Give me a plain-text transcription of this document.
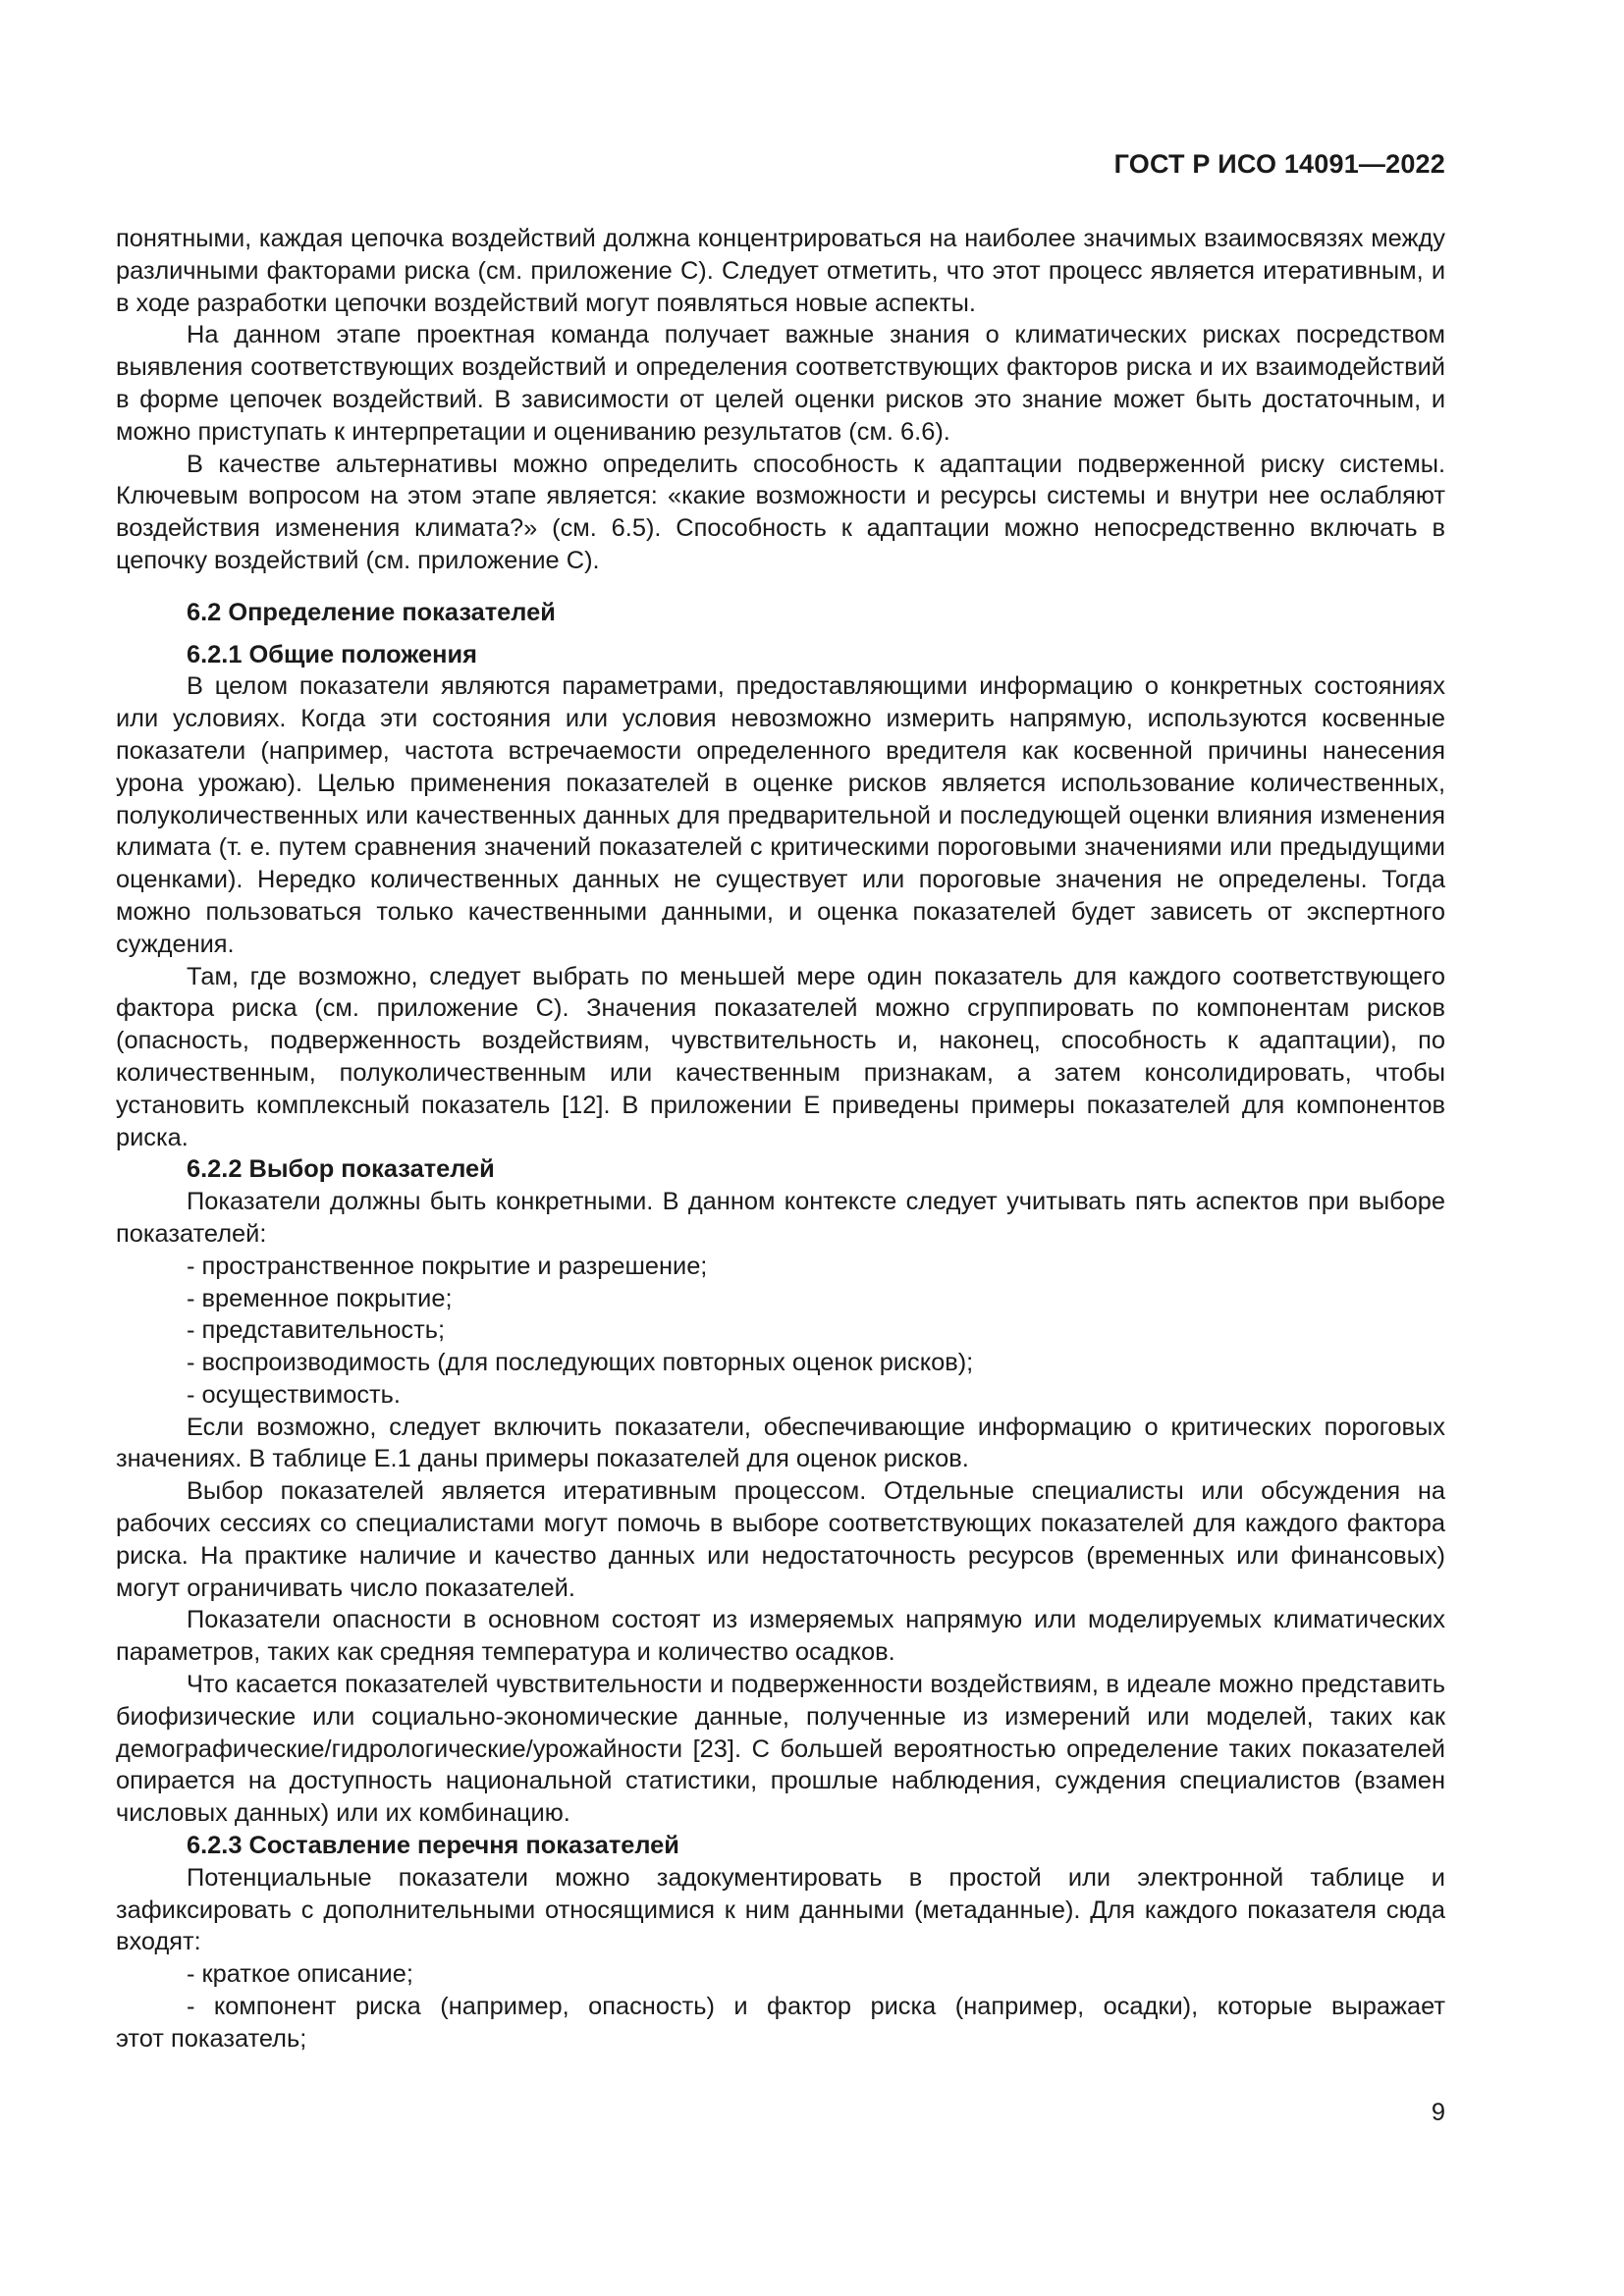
ГОСТ Р ИСО 14091—2022

понятными, каждая цепочка воздействий должна концентрироваться на наиболее значимых взаимосвязях между различными факторами риска (см. приложение С). Следует отметить, что этот процесс является итеративным, и в ходе разработки цепочки воздействий могут появляться новые аспекты.

На данном этапе проектная команда получает важные знания о климатических рисках посредством выявления соответствующих воздействий и определения соответствующих факторов риска и их взаимодействий в форме цепочек воздействий. В зависимости от целей оценки рисков это знание может быть достаточным, и можно приступать к интерпретации и оцениванию результатов (см. 6.6).

В качестве альтернативы можно определить способность к адаптации подверженной риску системы. Ключевым вопросом на этом этапе является: «какие возможности и ресурсы системы и внутри нее ослабляют воздействия изменения климата?» (см. 6.5). Способность к адаптации можно непосредственно включать в цепочку воздействий (см. приложение С).

6.2 Определение показателей
6.2.1 Общие положения

В целом показатели являются параметрами, предоставляющими информацию о конкретных состояниях или условиях. Когда эти состояния или условия невозможно измерить напрямую, используются косвенные показатели (например, частота встречаемости определенного вредителя как косвенной причины нанесения урона урожаю). Целью применения показателей в оценке рисков является использование количественных, полуколичественных или качественных данных для предварительной и последующей оценки влияния изменения климата (т. е. путем сравнения значений показателей с критическими пороговыми значениями или предыдущими оценками). Нередко количественных данных не существует или пороговые значения не определены. Тогда можно пользоваться только качественными данными, и оценка показателей будет зависеть от экспертного суждения.

Там, где возможно, следует выбрать по меньшей мере один показатель для каждого соответствующего фактора риска (см. приложение С). Значения показателей можно сгруппировать по компонентам рисков (опасность, подверженность воздействиям, чувствительность и, наконец, способность к адаптации), по количественным, полуколичественным или качественным признакам, а затем консолидировать, чтобы установить комплексный показатель [12]. В приложении Е приведены примеры показателей для компонентов риска.

6.2.2 Выбор показателей

Показатели должны быть конкретными. В данном контексте следует учитывать пять аспектов при выборе показателей:

- пространственное покрытие и разрешение;
- временное покрытие;
- представительность;
- воспроизводимость (для последующих повторных оценок рисков);
- осуществимость.

Если возможно, следует включить показатели, обеспечивающие информацию о критических пороговых значениях. В таблице Е.1 даны примеры показателей для оценок рисков.

Выбор показателей является итеративным процессом. Отдельные специалисты или обсуждения на рабочих сессиях со специалистами могут помочь в выборе соответствующих показателей для каждого фактора риска. На практике наличие и качество данных или недостаточность ресурсов (временных или финансовых) могут ограничивать число показателей.

Показатели опасности в основном состоят из измеряемых напрямую или моделируемых климатических параметров, таких как средняя температура и количество осадков.

Что касается показателей чувствительности и подверженности воздействиям, в идеале можно представить биофизические или социально-экономические данные, полученные из измерений или моделей, таких как демографические/гидрологические/урожайности [23]. С большей вероятностью определение таких показателей опирается на доступность национальной статистики, прошлые наблюдения, суждения специалистов (взамен числовых данных) или их комбинацию.

6.2.3 Составление перечня показателей

Потенциальные показатели можно задокументировать в простой или электронной таблице и зафиксировать с дополнительными относящимися к ним данными (метаданные). Для каждого показателя сюда входят:

- краткое описание;
- компонент риска (например, опасность) и фактор риска (например, осадки), которые выражает

этот показатель;

9
